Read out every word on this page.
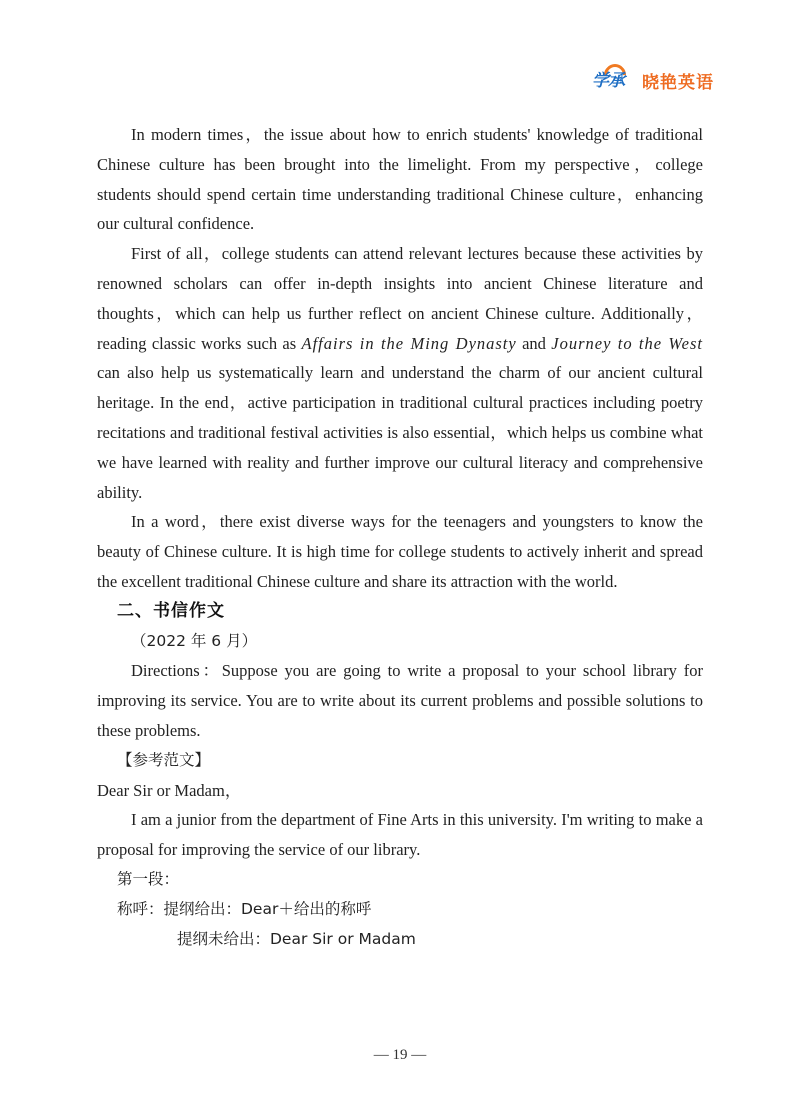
学承 晓艳英语

In modern times，the issue about how to enrich students' knowledge of traditional Chinese culture has been brought into the limelight. From my perspective，college students should spend certain time understanding traditional Chinese culture，enhancing our cultural confidence.

First of all，college students can attend relevant lectures because these activities by renowned scholars can offer in-depth insights into ancient Chinese literature and thoughts，which can help us further reflect on ancient Chinese culture. Additionally，reading classic works such as Affairs in the Ming Dynasty and Journey to the West can also help us systematically learn and understand the charm of our ancient cultural heritage. In the end，active participation in traditional cultural practices including poetry recitations and traditional festival activities is also essential，which helps us combine what we have learned with reality and further improve our cultural literacy and comprehensive ability.

In a word，there exist diverse ways for the teenagers and youngsters to know the beauty of Chinese culture. It is high time for college students to actively inherit and spread the excellent traditional Chinese culture and share its attraction with the world.

二、书信作文

（2022 年 6 月）

Directions：Suppose you are going to write a proposal to your school library for improving its service. You are to write about its current problems and possible solutions to these problems.

【参考范文】

Dear Sir or Madam，

I am a junior from the department of Fine Arts in this university. I'm writing to make a proposal for improving the service of our library.

第一段：

称呼：提纲给出：Dear＋给出的称呼

提纲未给出：Dear Sir or Madam

— 19 —
